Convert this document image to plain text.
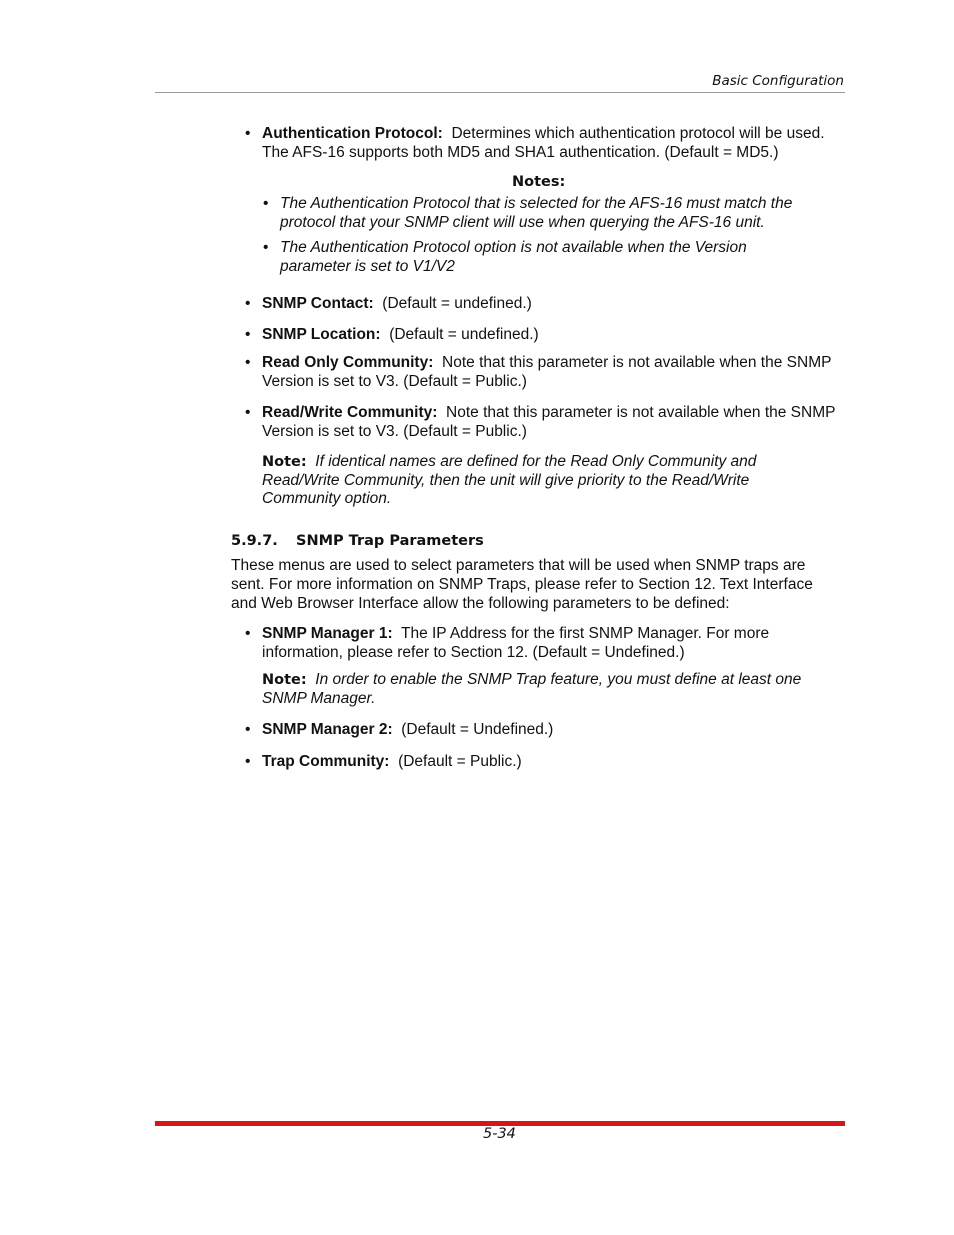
Basic Configuration
• Authentication Protocol: Determines which authentication protocol will be used.
The AFS-16 supports both MD5 and SHA1 authentication. (Default = MD5.)
Notes:
• The Authentication Protocol that is selected for the AFS-16 must match the
protocol that your SNMP client will use when querying the AFS-16 unit.
• The Authentication Protocol option is not available when the Version
parameter is set to V1/V2
• SNMP Contact: (Default = undefined.)
• SNMP Location: (Default = undefined.)
• Read Only Community: Note that this parameter is not available when the SNMP
Version is set to V3. (Default = Public.)
• Read/Write Community: Note that this parameter is not available when the SNMP
Version is set to V3. (Default = Public.)
Note: If identical names are defined for the Read Only Community and
Read/Write Community, then the unit will give priority to the Read/Write
Community option.
5.9.7. SNMP Trap Parameters
These menus are used to select parameters that will be used when SNMP traps are
sent. For more information on SNMP Traps, please refer to Section 12. Text Interface
and Web Browser Interface allow the following parameters to be defined:
• SNMP Manager 1: The IP Address for the first SNMP Manager. For more
information, please refer to Section 12. (Default = Undefined.)
Note: In order to enable the SNMP Trap feature, you must define at least one
SNMP Manager.
• SNMP Manager 2: (Default = Undefined.)
• Trap Community: (Default = Public.)
5-34
